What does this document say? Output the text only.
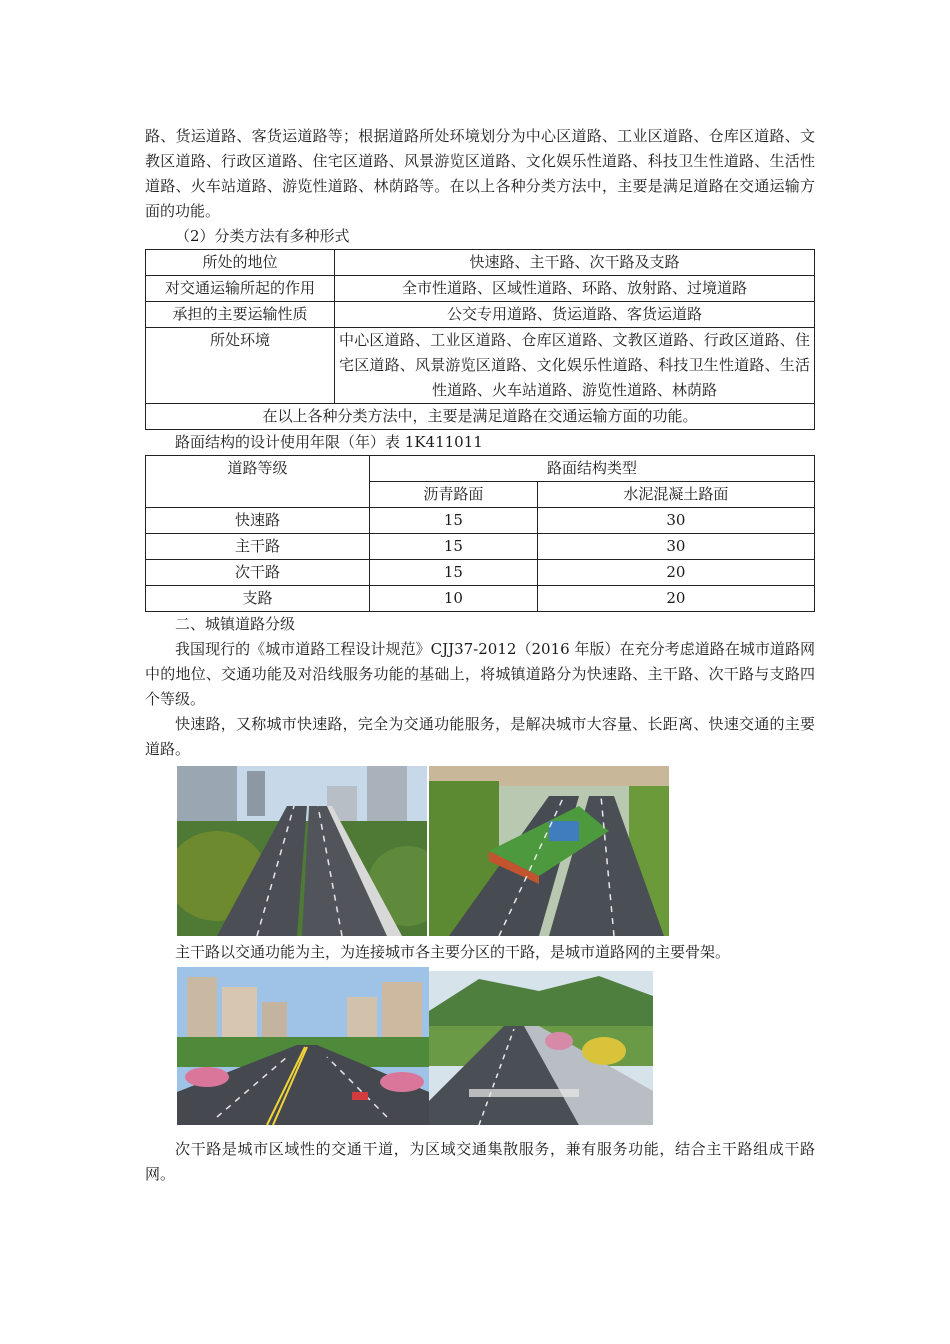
路、货运道路、客货运道路等；根据道路所处环境划分为中心区道路、工业区道路、仓库区道路、文教区道路、行政区道路、住宅区道路、风景游览区道路、文化娱乐性道路、科技卫生性道路、生活性道路、火车站道路、游览性道路、林荫路等。在以上各种分类方法中，主要是满足道路在交通运输方面的功能。

（2）分类方法有多种形式

所处的地位	快速路、主干路、次干路及支路
对交通运输所起的作用	全市性道路、区域性道路、环路、放射路、过境道路
承担的主要运输性质	公交专用道路、货运道路、客货运道路
所处环境	中心区道路、工业区道路、仓库区道路、文教区道路、行政区道路、住宅区道路、风景游览区道路、文化娱乐性道路、科技卫生性道路、生活性道路、火车站道路、游览性道路、林荫路
在以上各种分类方法中，主要是满足道路在交通运输方面的功能。	

路面结构的设计使用年限（年）表 1K411011

道路等级	路面结构类型	
	沥青路面	水泥混凝土路面
快速路	15	30
主干路	15	30
次干路	15	20
支路	10	20

二、城镇道路分级

我国现行的《城市道路工程设计规范》CJJ37-2012（2016 年版）在充分考虑道路在城市道路网中的地位、交通功能及对沿线服务功能的基础上，将城镇道路分为快速路、主干路、次干路与支路四个等级。

快速路，又称城市快速路，完全为交通功能服务，是解决城市大容量、长距离、快速交通的主要道路。

主干路以交通功能为主，为连接城市各主要分区的干路，是城市道路网的主要骨架。

次干路是城市区域性的交通干道，为区域交通集散服务，兼有服务功能，结合主干路组成干路网。
